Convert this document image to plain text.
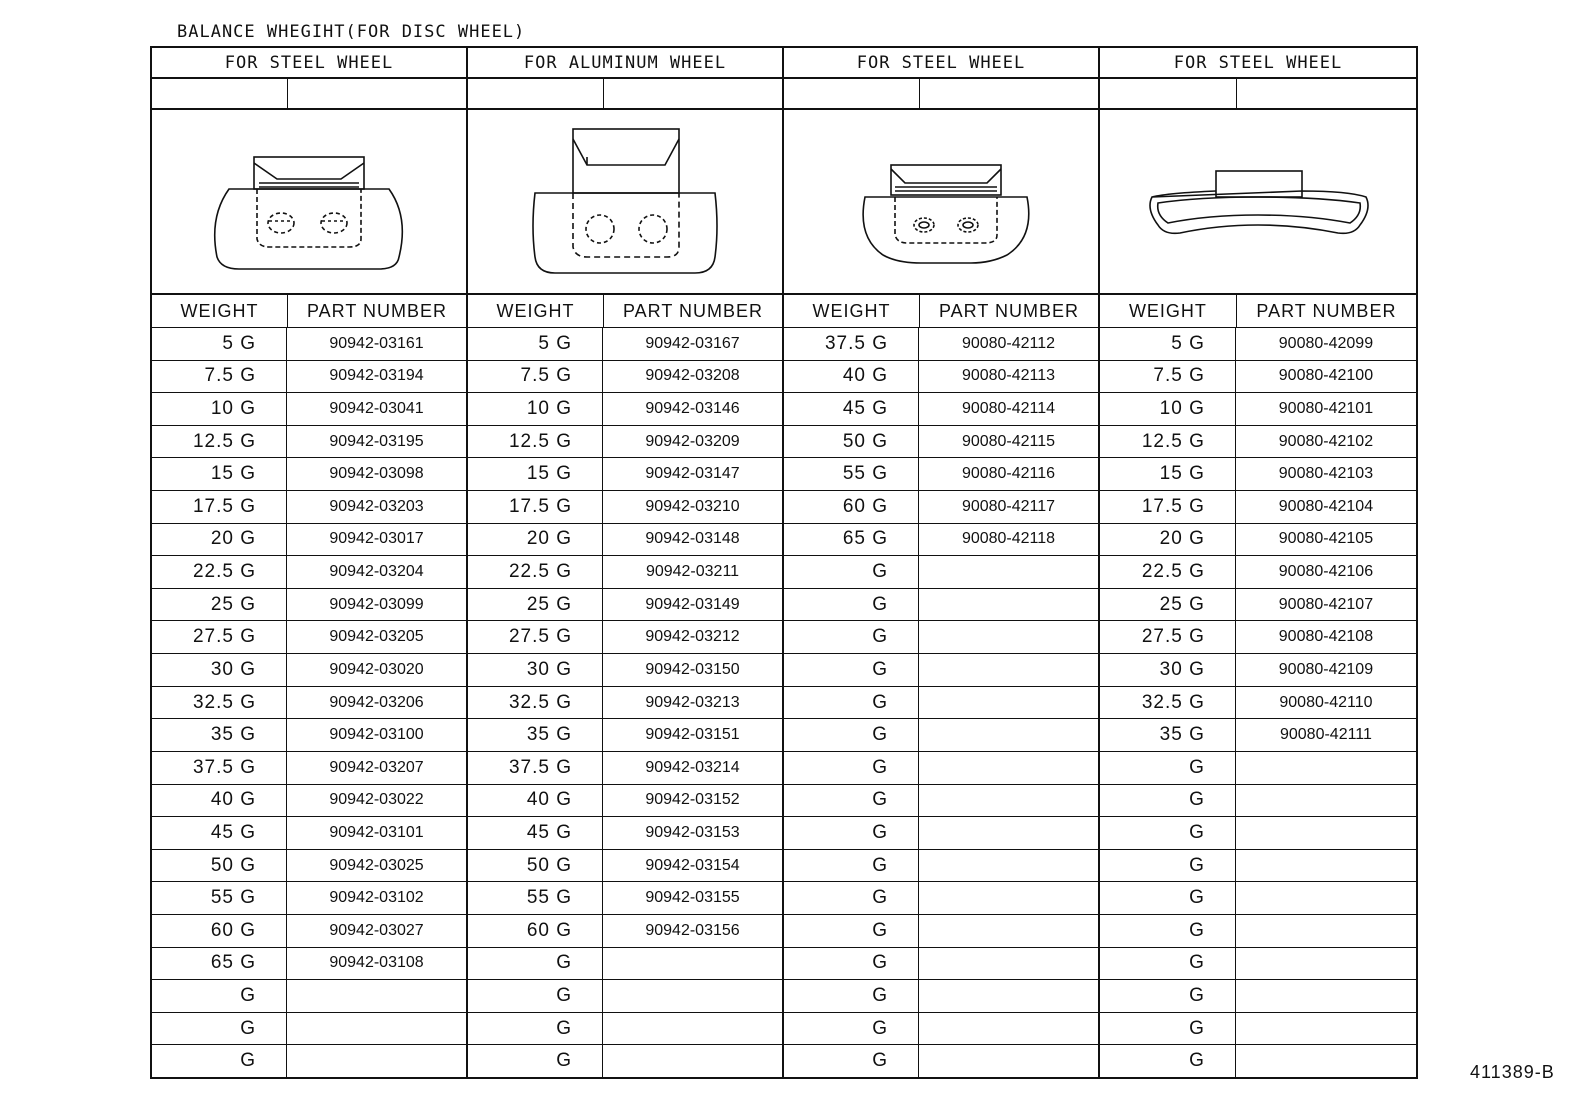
BALANCE WHEGIHT(FOR DISC WHEEL)
FOR STEEL WHEEL
WEIGHT	PART NUMBER
5 G	90942-03161
7.5 G	90942-03194
10 G	90942-03041
12.5 G	90942-03195
15 G	90942-03098
17.5 G	90942-03203
20 G	90942-03017
22.5 G	90942-03204
25 G	90942-03099
27.5 G	90942-03205
30 G	90942-03020
32.5 G	90942-03206
35 G	90942-03100
37.5 G	90942-03207
40 G	90942-03022
45 G	90942-03101
50 G	90942-03025
55 G	90942-03102
60 G	90942-03027
65 G	90942-03108
G
G
G
FOR ALUMINUM WHEEL
WEIGHT	PART NUMBER
5 G	90942-03167
7.5 G	90942-03208
10 G	90942-03146
12.5 G	90942-03209
15 G	90942-03147
17.5 G	90942-03210
20 G	90942-03148
22.5 G	90942-03211
25 G	90942-03149
27.5 G	90942-03212
30 G	90942-03150
32.5 G	90942-03213
35 G	90942-03151
37.5 G	90942-03214
40 G	90942-03152
45 G	90942-03153
50 G	90942-03154
55 G	90942-03155
60 G	90942-03156
G
G
G
G
FOR STEEL WHEEL
WEIGHT	PART NUMBER
37.5 G	90080-42112
40 G	90080-42113
45 G	90080-42114
50 G	90080-42115
55 G	90080-42116
60 G	90080-42117
65 G	90080-42118
G
G
G
G
G
G
G
G
G
G
G
G
G
G
G
G
FOR STEEL WHEEL
WEIGHT	PART NUMBER
5 G	90080-42099
7.5 G	90080-42100
10 G	90080-42101
12.5 G	90080-42102
15 G	90080-42103
17.5 G	90080-42104
20 G	90080-42105
22.5 G	90080-42106
25 G	90080-42107
27.5 G	90080-42108
30 G	90080-42109
32.5 G	90080-42110
35 G	90080-42111
G
G
G
G
G
G
G
G
G
G
411389-B
